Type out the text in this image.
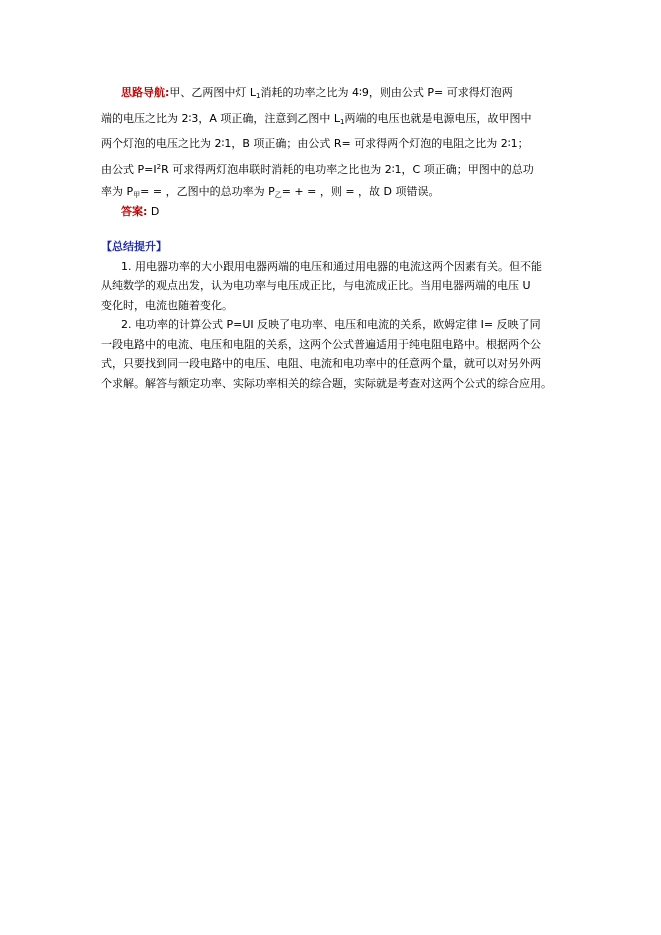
思路导航:甲、乙两图中灯 $L_1$消耗的功率之比为 4∶9，则由公式 P= 可求得灯泡两
端的电压之比为 2∶3，A 项正确，注意到乙图中 $L_1$两端的电压也就是电源电压，故甲图中
两个灯泡的电压之比为 2∶1，B 项正确；由公式 R= 可求得两个灯泡的电阻之比为 2∶1；
由公式 $P=I^2R$ 可求得两灯泡串联时消耗的电功率之比也为 2∶1，C 项正确；甲图中的总功
率为 $P_甲=$ = ，乙图中的总功率为 $P_乙=$ + = ，则 = ，故 D 项错误。
答案: D
【总结提升】
1. 用电器功率的大小跟用电器两端的电压和通过用电器的电流这两个因素有关。但不能
从纯数学的观点出发，认为电功率与电压成正比，与电流成正比。当用电器两端的电压 U
变化时，电流也随着变化。
2. 电功率的计算公式 P=UI 反映了电功率、电压和电流的关系，欧姆定律 I= 反映了同
一段电路中的电流、电压和电阻的关系，这两个公式普遍适用于纯电阻电路中。根据两个公
式，只要找到同一段电路中的电压、电阻、电流和电功率中的任意两个量，就可以对另外两
个求解。解答与额定功率、实际功率相关的综合题，实际就是考查对这两个公式的综合应用。
